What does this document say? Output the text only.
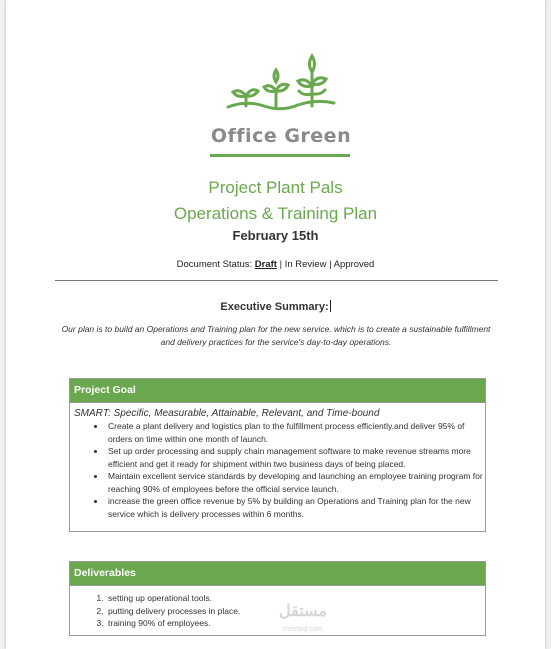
Office Green
Project Plant Pals
Operations & Training Plan
February 15th
Document Status: Draft | In Review | Approved
Executive Summary:
Our plan is to build an Operations and Training plan for the new service. which is to create a sustainable fulfillment and delivery practices for the service's day-to-day operations.
Project Goal
SMART: Specific, Measurable, Attainable, Relevant, and Time-bound
• Create a plant delivery and logistics plan to the fulfillment process efficiently.and deliver 95% of orders on time within one month of launch.
• Set up order processing and supply chain management software to make revenue streams more efficient and get it ready for shipment within two business days of being placed.
• Maintain excellent service standards by developing and launching an employee training program for reaching 90% of employees before the official service launch.
• increase the green office revenue by 5% by building an Operations and Training plan for the new service which is delivery processes within 6 months.
Deliverables
1. setting up operational tools.
2. putting delivery processes in place.
3. training 90% of employees.
مستقل
mostaql.com
